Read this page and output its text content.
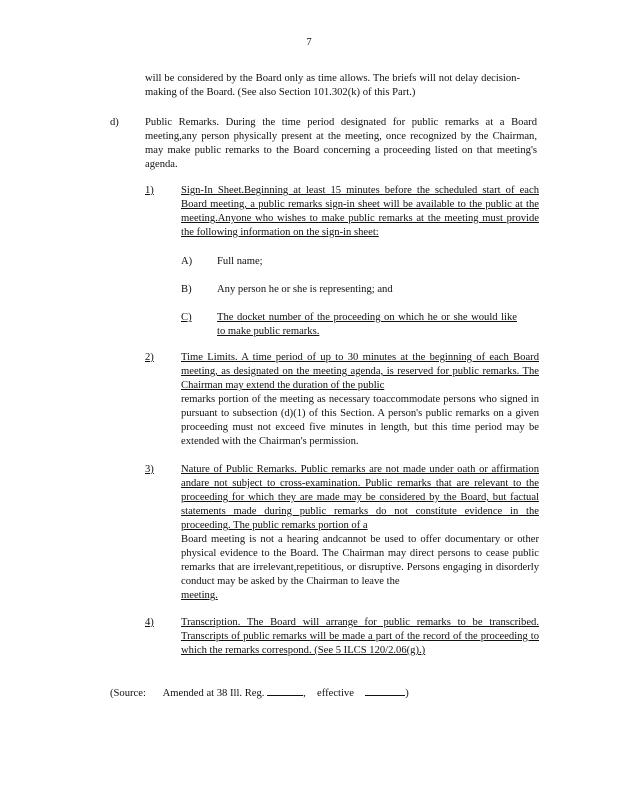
7
will be considered by the Board only as time allows. The briefs will not delay decision-making of the Board. (See also Section 101.302(k) of this Part.)
d) Public Remarks. During the time period designated for public remarks at a Board meeting,any person physically present at the meeting, once recognized by the Chairman, may make public remarks to the Board concerning a proceeding listed on that meeting's agenda.
1)	Sign-In Sheet.Beginning at least 15 minutes before the scheduled start of each Board meeting, a public remarks sign-in sheet will be available to the public at the meeting.Anyone who wishes to make public remarks at the meeting must provide the following information on the sign-in sheet:
A) Full name;
B) Any person he or she is representing; and
C) The docket number of the proceeding on which he or she would like to make public remarks.
2)	Time Limits. A time period of up to 30 minutes at the beginning of each Board meeting, as designated on the meeting agenda, is reserved for public remarks. The Chairman may extend the duration of the public
remarks portion of the meeting as necessary toaccommodate persons who signed in pursuant to subsection (d)(1) of this Section. A person's public remarks on a given proceeding must not exceed five minutes in length, but this time period may be extended with the Chairman's permission.
3)	Nature of Public Remarks. Public remarks are not made under oath or affirmation andare not subject to cross-examination. Public remarks that are relevant to the proceeding for which they are made may be considered by the Board, but factual statements made during public remarks do not constitute evidence in the proceeding. The public remarks portion of a
Board meeting is not a hearing andcannot be used to offer documentary or other physical evidence to the Board. The Chairman may direct persons to cease public remarks that are irrelevant,repetitious, or disruptive. Persons engaging in disorderly conduct may be asked by the Chairman to leave the
meeting.
4)	Transcription. The Board will arrange for public remarks to be transcribed. Transcripts of public remarks will be made a part of the record of the proceeding to which the remarks correspond. (See 5 ILCS 120/2.06(g).)
(Source: Amended at 38 Ill. Reg.	, effective	)
